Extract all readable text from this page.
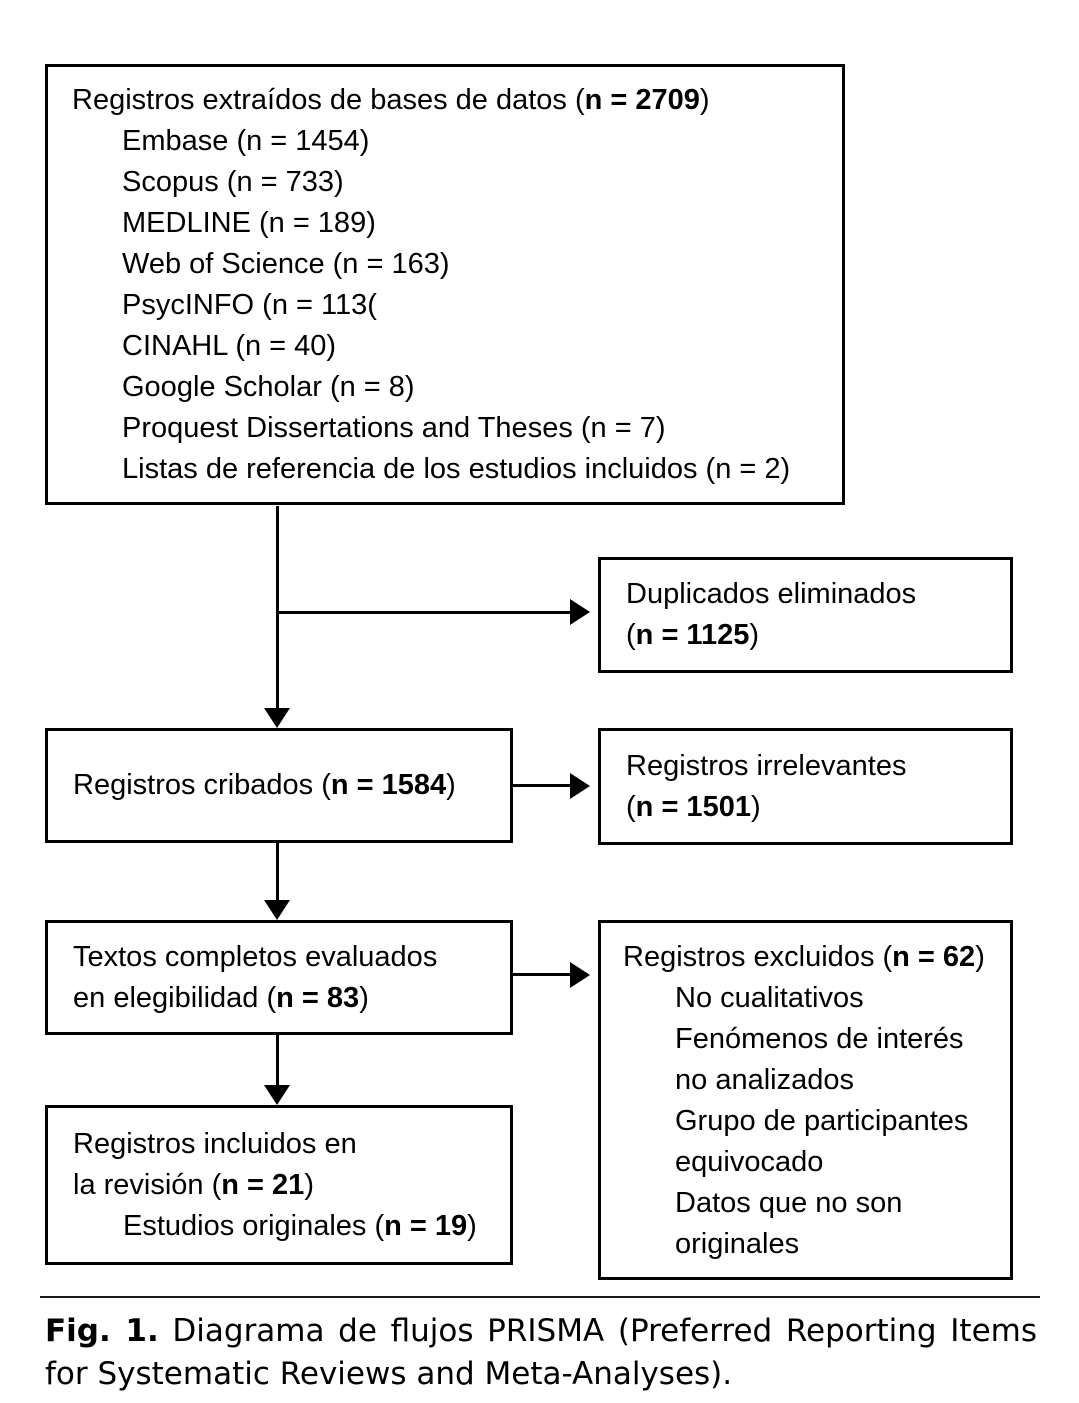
Registros extraídos de bases de datos (n = 2709)
Embase (n = 1454)
Scopus (n = 733)
MEDLINE (n = 189)
Web of Science (n = 163)
PsycINFO (n = 113(
CINAHL (n = 40)
Google Scholar (n = 8)
Proquest Dissertations and Theses (n = 7)
Listas de referencia de los estudios incluidos (n = 2)
Duplicados eliminados
(n = 1125)
Registros cribados (n = 1584)
Registros irrelevantes
(n = 1501)
Textos completos evaluados
en elegibilidad (n = 83)
Registros excluidos (n = 62)
No cualitativos
Fenómenos de interés no analizados
Grupo de participantes equivocado
Datos que no son originales
Registros incluidos en
la revisión (n = 21)
Estudios originales (n = 19)
Fig. 1. Diagrama de flujos PRISMA (Preferred Reporting Items for Systematic Reviews and Meta-Analyses).
